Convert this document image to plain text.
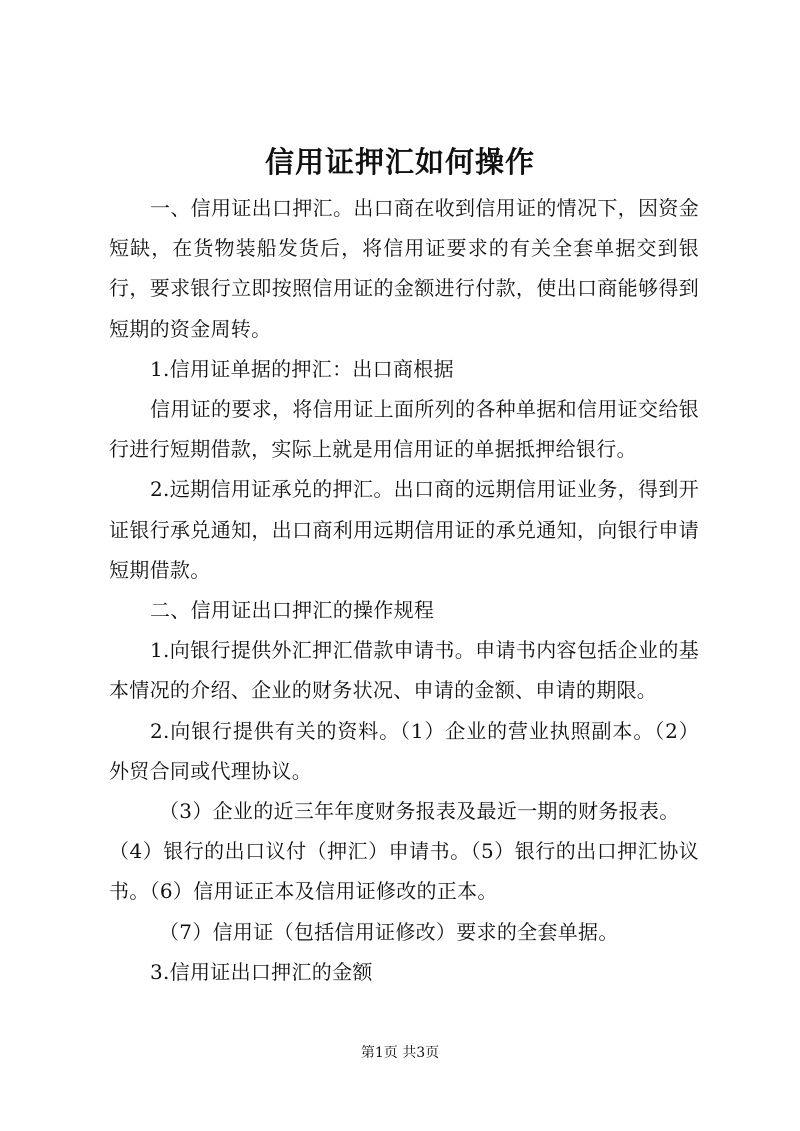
信用证押汇如何操作

一、信用证出口押汇。出口商在收到信用证的情况下，因资金短缺，在货物装船发货后，将信用证要求的有关全套单据交到银行，要求银行立即按照信用证的金额进行付款，使出口商能够得到短期的资金周转。

1.信用证单据的押汇：出口商根据

信用证的要求，将信用证上面所列的各种单据和信用证交给银行进行短期借款，实际上就是用信用证的单据抵押给银行。

2.远期信用证承兑的押汇。出口商的远期信用证业务，得到开证银行承兑通知，出口商利用远期信用证的承兑通知，向银行申请短期借款。

二、信用证出口押汇的操作规程

1.向银行提供外汇押汇借款申请书。申请书内容包括企业的基本情况的介绍、企业的财务状况、申请的金额、申请的期限。

2.向银行提供有关的资料。（1）企业的营业执照副本。（2）外贸合同或代理协议。

（3）企业的近三年年度财务报表及最近一期的财务报表。

（4）银行的出口议付（押汇）申请书。（5）银行的出口押汇协议书。（6）信用证正本及信用证修改的正本。

（7）信用证（包括信用证修改）要求的全套单据。

3.信用证出口押汇的金额

第1页 共3页
